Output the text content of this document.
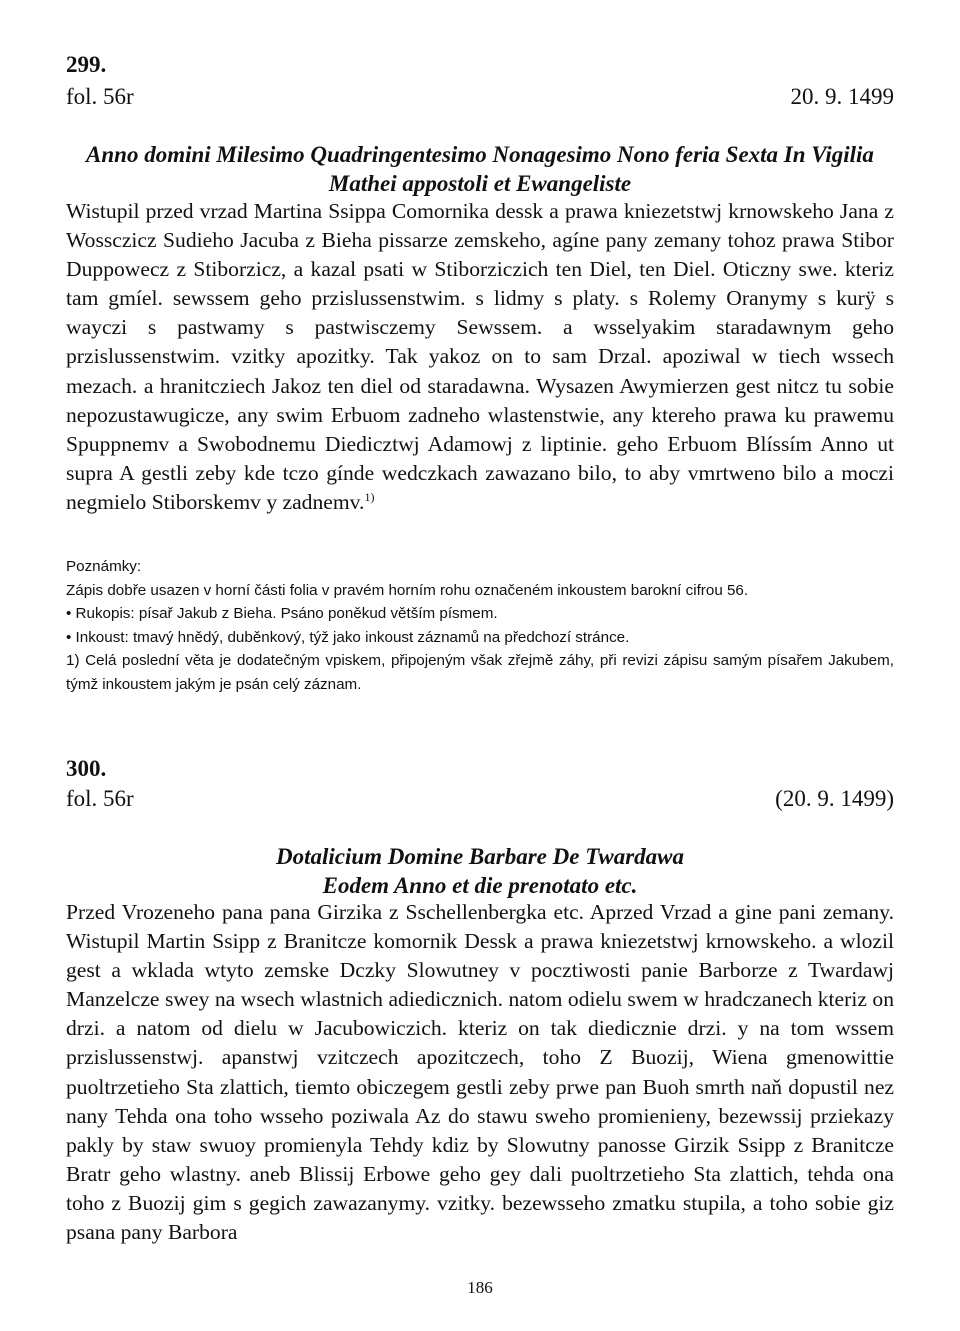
299.
fol. 56r	20. 9. 1499
Anno domini Milesimo Quadringentesimo Nonagesimo Nono feria Sexta In Vigilia
Mathei appostoli et Ewangeliste

Wistupil przed vrzad Martina Ssippa Comornika dessk a prawa kniezetstwj krnowskeho Jana z Wossczicz Sudieho Jacuba z Bieha pissarze zemskeho, agíne pany zemany tohoz prawa Stibor Duppowecz z Stiborzicz, a kazal psati w Stiborziczich ten Diel, ten Diel. Oticzny swe. kteriz tam gmíel. sewssem geho przislussenstwim. s lidmy s platy. s Rolemy Oranymy s kurÿ s wayczi s pastwamy s pastwisczemy Sewssem. a wsselyakim staradawnym geho przislussenstwim. vzitky apozitky. Tak yakoz on to sam Drzal. apoziwal w tiech wssech mezach. a hranitcziech Jakoz ten diel od staradawna. Wysazen Awymierzen gest nitcz tu sobie nepozustawugicze, any swim Erbuom zadneho wlastenstwie, any ktereho prawa ku prawemu Spuppnemv a Swobodnemu Diedicztwj Adamowj z liptinie. geho Erbuom Blíssím Anno ut supra A gestli zeby kde tczo gínde wedczkach zawazano bilo, to aby vmrtweno bilo a moczi negmielo Stiborskemv y zadnemv.$^{1)}$

Poznámky:
Zápis dobře usazen v horní části folia v pravém horním rohu označeném inkoustem barokní cifrou 56.
• Rukopis: písař Jakub z Bieha. Psáno poněkud větším písmem.
• Inkoust: tmavý hnědý, duběnkový, týž jako inkoust záznamů na předchozí stránce.
1) Celá poslední věta je dodatečným vpiskem, připojeným však zřejmě záhy, při revizi zápisu samým písařem Jakubem, týmž inkoustem jakým je psán celý záznam.
300.
fol. 56r	(20. 9. 1499)
Dotalicium Domine Barbare De Twardawa
Eodem Anno et die prenotato etc.

Przed Vrozeneho pana pana Girzika z Sschellenbergka etc. Aprzed Vrzad a gine pani zemany. Wistupil Martin Ssipp z Branitcze komornik Dessk a prawa kniezetstwj krnowskeho. a wlozil gest a wklada wtyto zemske Dczky Slowutney v pocztiwosti panie Barborze z Twardawj Manzelcze swey na wsech wlastnich adiedicznich. natom odielu swem w hradczanech kteriz on drzi. a natom od dielu w Jacubowiczich. kteriz on tak diedicznie drzi. y na tom wssem przislussenstwj. apanstwj vzitczech apozitczech, toho Z Buozij, Wiena gmenowittie puoltrzetieho Sta zlattich, tiemto obiczegem gestli zeby prwe pan Buoh smrth naň dopustil nez nany Tehda ona toho wsseho poziwala Az do stawu sweho promienieny, bezewssij prziekazy pakly by staw swuoy promienyla Tehdy kdiz by Slowutny panosse Girzik Ssipp z Branitcze Bratr geho wlastny. aneb Blissij Erbowe geho gey dali puoltrzetieho Sta zlattich, tehda ona toho z Buozij gim s gegich zawazanymy. vzitky. bezewsseho zmatku stupila, a toho sobie giz psana pany Barbora

186
